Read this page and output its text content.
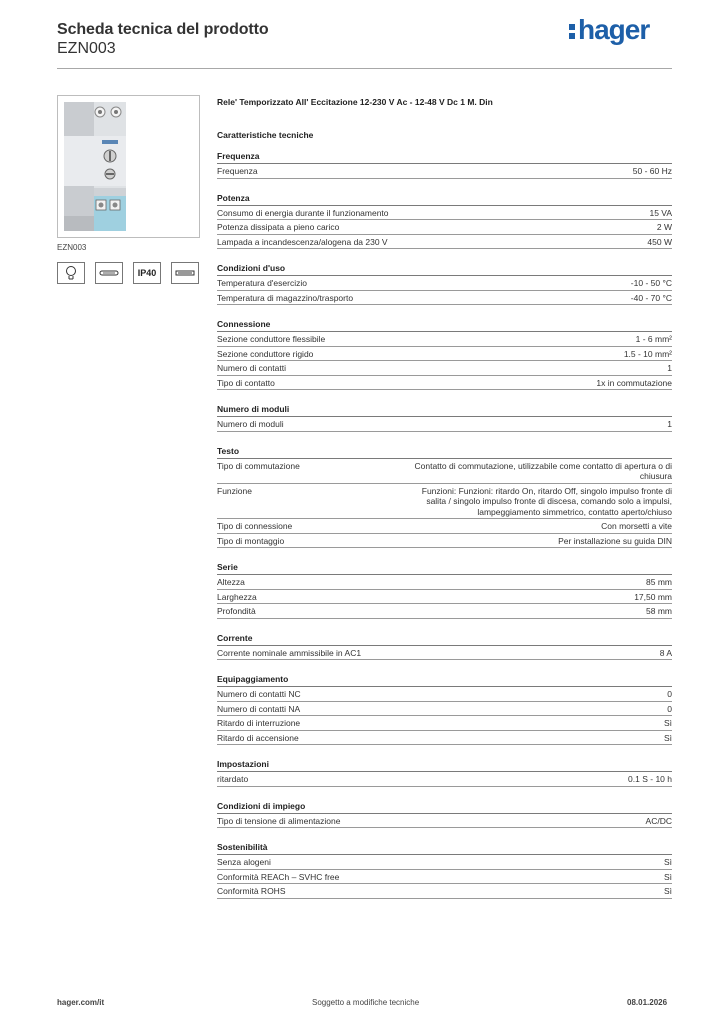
Scheda tecnica del prodotto
EZN003
hager
EZN003
IP40
Rele' Temporizzato All' Eccitazione 12-230 V Ac - 12-48 V Dc 1 M. Din
Caratteristiche tecniche
Frequenza
Frequenza	50 - 60 Hz
Potenza
Consumo di energia durante il funzionamento	15 VA
Potenza dissipata a pieno carico	2 W
Lampada a incandescenza/alogena da 230 V	450 W
Condizioni d'uso
Temperatura d'esercizio	-10 - 50 °C
Temperatura di magazzino/trasporto	-40 - 70 °C
Connessione
Sezione conduttore flessibile	1 - 6 mm²
Sezione conduttore rigido	1.5 - 10 mm²
Numero di contatti	1
Tipo di contatto	1x in commutazione
Numero di moduli
Numero di moduli	1
Testo
Tipo di commutazione	Contatto di commutazione, utilizzabile come contatto di apertura o di chiusura
Funzione	Funzioni: Funzioni: ritardo On, ritardo Off, singolo impulso fronte di salita / singolo impulso fronte di discesa, comando solo a impulsi, lampeggiamento simmetrico, contatto aperto/chiuso
Tipo di connessione	Con morsetti a vite
Tipo di montaggio	Per installazione su guida DIN
Serie
Altezza	85 mm
Larghezza	17,50 mm
Profondità	58 mm
Corrente
Corrente nominale ammissibile in AC1	8 A
Equipaggiamento
Numero di contatti NC	0
Numero di contatti NA	0
Ritardo di interruzione	Sì
Ritardo di accensione	Sì
Impostazioni
ritardato	0.1 S - 10 h
Condizioni di impiego
Tipo di tensione di alimentazione	AC/DC
Sostenibilità
Senza alogeni	Sì
Conformità REACh – SVHC free	Sì
Conformità ROHS	Sì
hager.com/it	Soggetto a modifiche tecniche	08.01.2026
